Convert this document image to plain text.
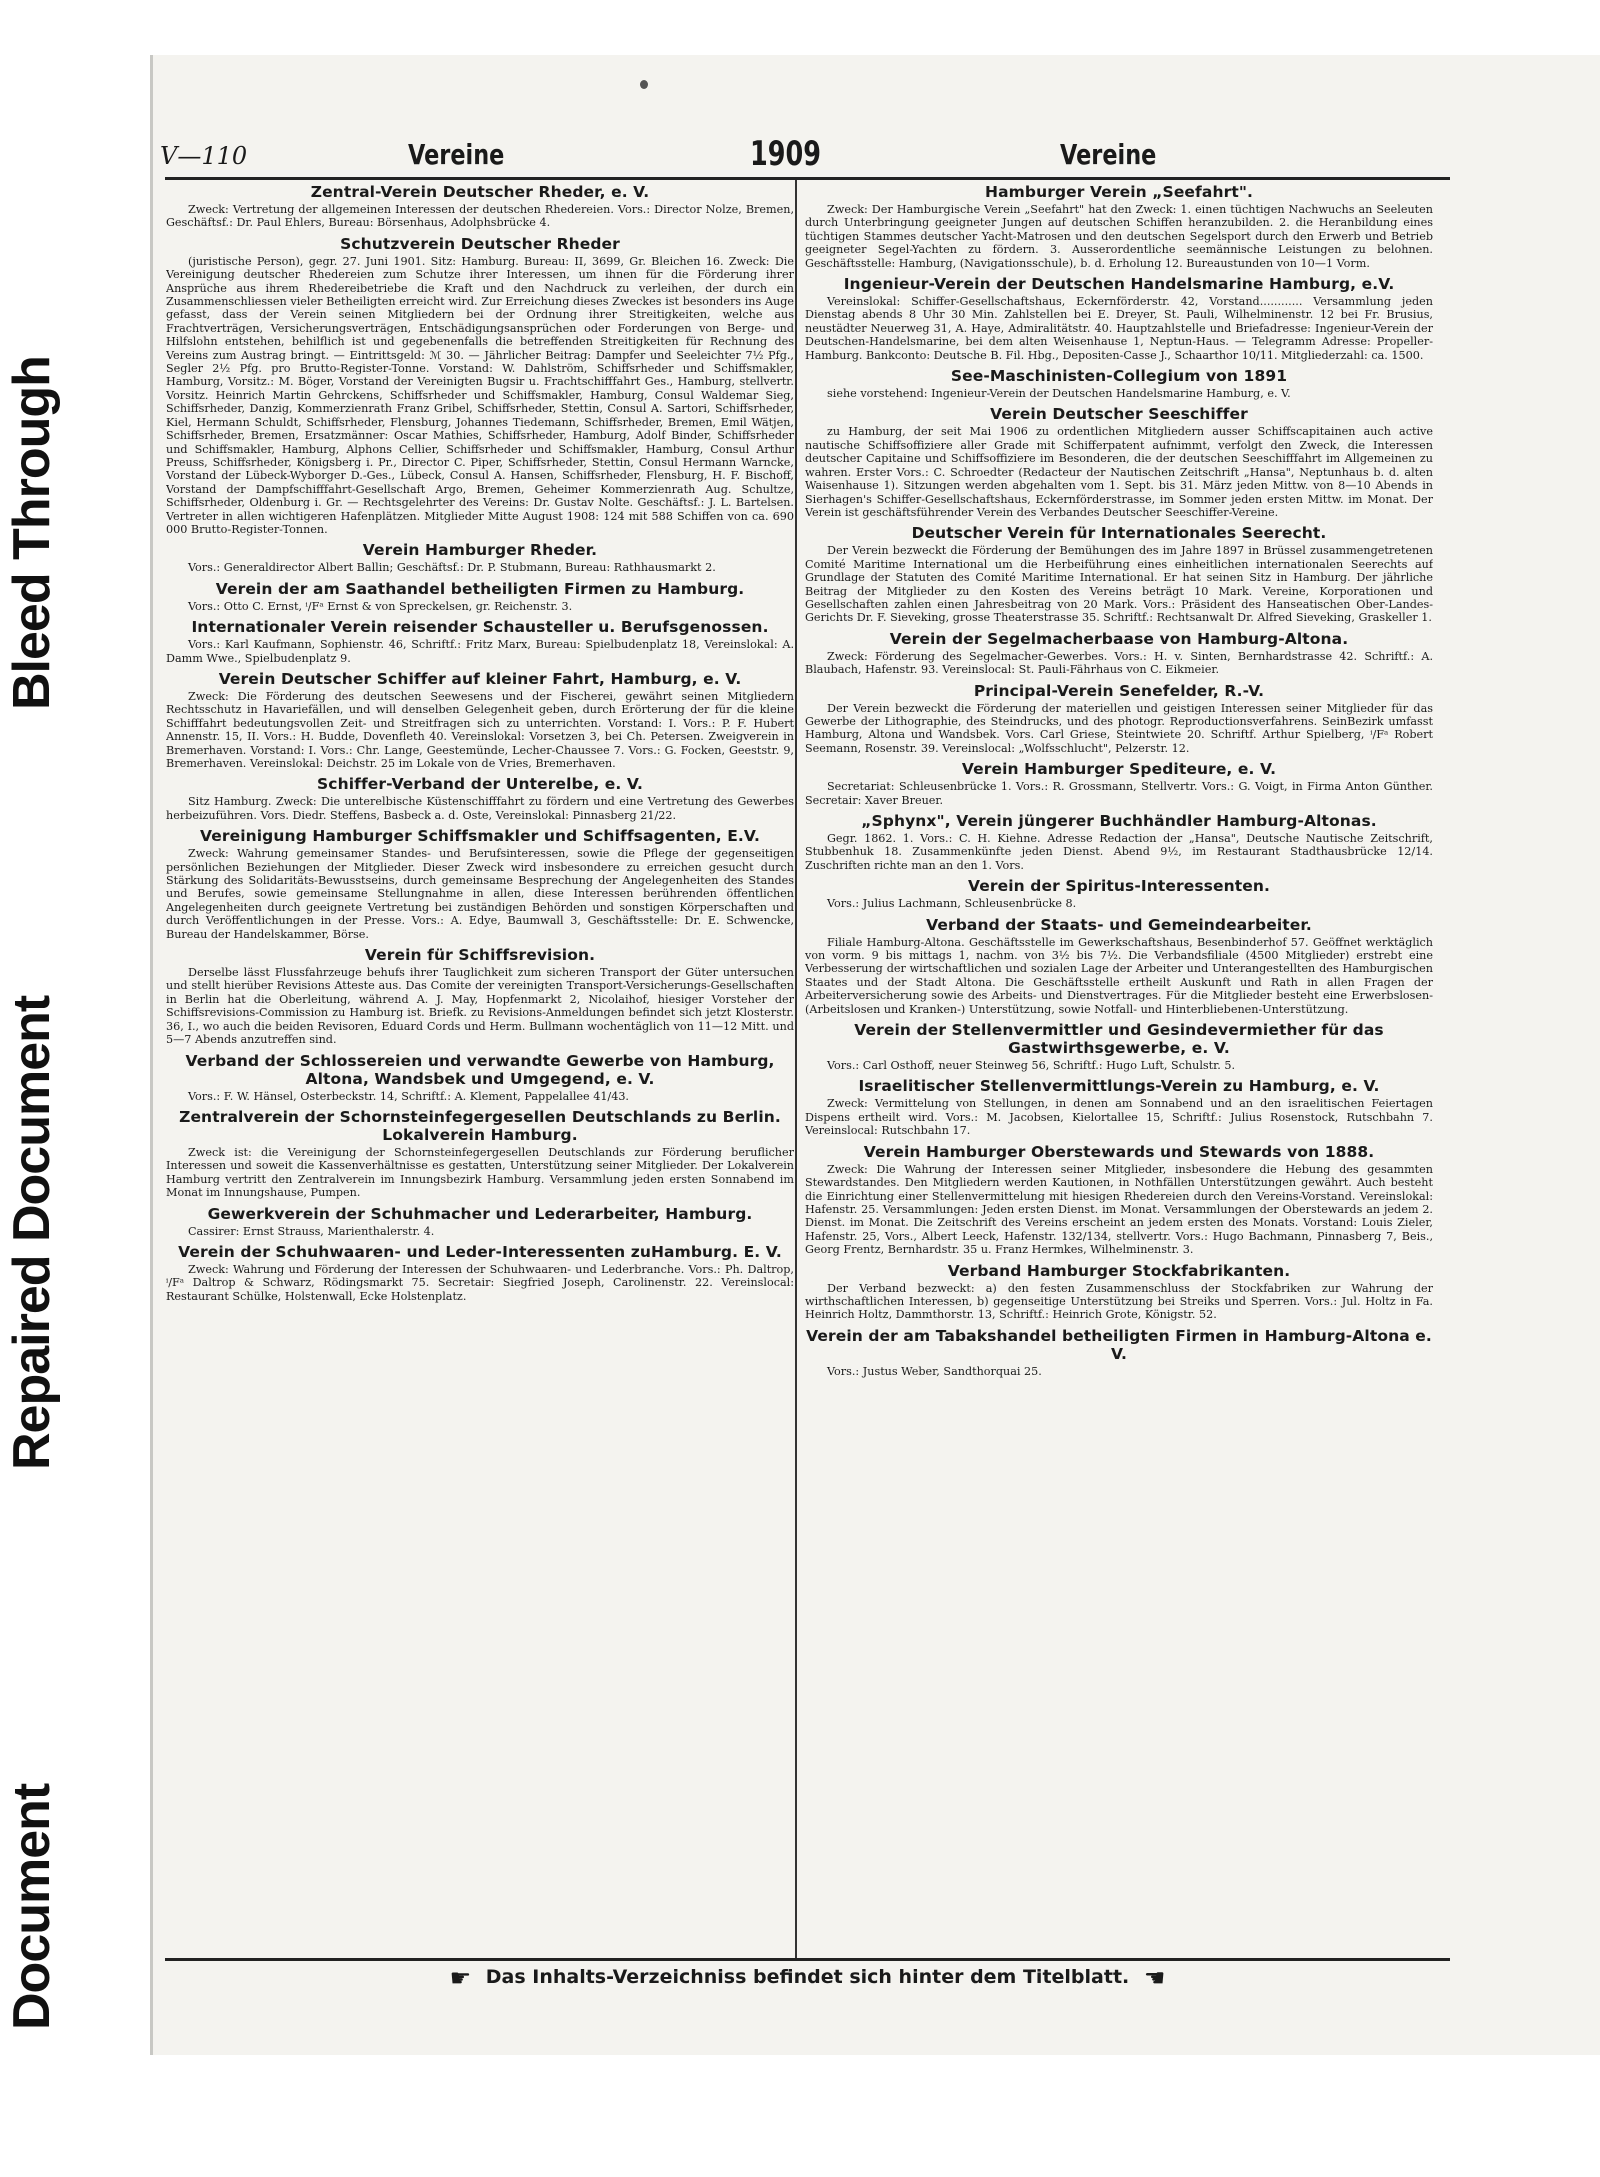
Bleed Through
Repaired Document
Document
V—110	Vereine	1909	Vereine
Zentral-Verein Deutscher Rheder, e. V.

Zweck: Vertretung der allgemeinen Interessen der deutschen Rhedereien. Vors.: Director Nolze, Bremen, Geschäftsf.: Dr. Paul Ehlers, Bureau: Börsenhaus, Adolphsbrücke 4.

Schutzverein Deutscher Rheder

(juristische Person), gegr. 27. Juni 1901. Sitz: Hamburg. Bureau: II, 3699, Gr. Bleichen 16. Zweck: Die Vereinigung deutscher Rhedereien zum Schutze ihrer Interessen, um ihnen für die Förderung ihrer Ansprüche aus ihrem Rhedereibetriebe die Kraft und den Nachdruck zu verleihen, der durch ein Zusammenschliessen vieler Betheiligten erreicht wird. Zur Erreichung dieses Zweckes ist besonders ins Auge gefasst, dass der Verein seinen Mitgliedern bei der Ordnung ihrer Streitigkeiten, welche aus Frachtverträgen, Versicherungsverträgen, Entschädigungsansprüchen oder Forderungen von Berge- und Hilfslohn entstehen, behilflich ist und gegebenenfalls die betreffenden Streitigkeiten für Rechnung des Vereins zum Austrag bringt. — Eintrittsgeld: ℳ 30. — Jährlicher Beitrag: Dampfer und Seeleichter 7½ Pfg., Segler 2½ Pfg. pro Brutto-Register-Tonne. Vorstand: W. Dahlström, Schiffsrheder und Schiffsmakler, Hamburg, Vorsitz.: M. Böger, Vorstand der Vereinigten Bugsir u. Frachtschifffahrt Ges., Hamburg, stellvertr. Vorsitz. Heinrich Martin Gehrckens, Schiffsrheder und Schiffsmakler, Hamburg, Consul Waldemar Sieg, Schiffsrheder, Danzig, Kommerzienrath Franz Gribel, Schiffsrheder, Stettin, Consul A. Sartori, Schiffsrheder, Kiel, Hermann Schuldt, Schiffsrheder, Flensburg, Johannes Tiedemann, Schiffsrheder, Bremen, Emil Wätjen, Schiffsrheder, Bremen, Ersatzmänner: Oscar Mathies, Schiffsrheder, Hamburg, Adolf Binder, Schiffsrheder und Schiffsmakler, Hamburg, Alphons Cellier, Schiffsrheder und Schiffsmakler, Hamburg, Consul Arthur Preuss, Schiffsrheder, Königsberg i. Pr., Director C. Piper, Schiffsrheder, Stettin, Consul Hermann Warncke, Vorstand der Lübeck-Wyborger D.-Ges., Lübeck, Consul A. Hansen, Schiffsrheder, Flensburg, H. F. Bischoff, Vorstand der Dampfschifffahrt-Gesellschaft Argo, Bremen, Geheimer Kommerzienrath Aug. Schultze, Schiffsrheder, Oldenburg i. Gr. — Rechtsgelehrter des Vereins: Dr. Gustav Nolte. Geschäftsf.: J. L. Bartelsen. Vertreter in allen wichtigeren Hafenplätzen. Mitglieder Mitte August 1908: 124 mit 588 Schiffen von ca. 690 000 Brutto-Register-Tonnen.

Verein Hamburger Rheder.

Vors.: Generaldirector Albert Ballin; Geschäftsf.: Dr. P. Stubmann, Bureau: Rathhausmarkt 2.

Verein der am Saathandel betheiligten Firmen zu Hamburg.

Vors.: Otto C. Ernst, ⁱ/Fᵃ Ernst & von Spreckelsen, gr. Reichenstr. 3.

Internationaler Verein reisender Schausteller u. Berufsgenossen.

Vors.: Karl Kaufmann, Sophienstr. 46, Schriftf.: Fritz Marx, Bureau: Spielbudenplatz 18, Vereinslokal: A. Damm Wwe., Spielbudenplatz 9.

Verein Deutscher Schiffer auf kleiner Fahrt, Hamburg, e. V.

Zweck: Die Förderung des deutschen Seewesens und der Fischerei, gewährt seinen Mitgliedern Rechtsschutz in Havariefällen, und will denselben Gelegenheit geben, durch Erörterung der für die kleine Schifffahrt bedeutungsvollen Zeit- und Streitfragen sich zu unterrichten. Vorstand: I. Vors.: P. F. Hubert Annenstr. 15, II. Vors.: H. Budde, Dovenfleth 40. Vereinslokal: Vorsetzen 3, bei Ch. Petersen. Zweigverein in Bremerhaven. Vorstand: I. Vors.: Chr. Lange, Geestemünde, Lecher-Chaussee 7. Vors.: G. Focken, Geeststr. 9, Bremerhaven. Vereinslokal: Deichstr. 25 im Lokale von de Vries, Bremerhaven.

Schiffer-Verband der Unterelbe, e. V.

Sitz Hamburg. Zweck: Die unterelbische Küstenschifffahrt zu fördern und eine Vertretung des Gewerbes herbeizuführen. Vors. Diedr. Steffens, Basbeck a. d. Oste, Vereinslokal: Pinnasberg 21/22.

Vereinigung Hamburger Schiffsmakler und Schiffsagenten, E.V.

Zweck: Wahrung gemeinsamer Standes- und Berufsinteressen, sowie die Pflege der gegenseitigen persönlichen Beziehungen der Mitglieder. Dieser Zweck wird insbesondere zu erreichen gesucht durch Stärkung des Solidaritäts-Bewusstseins, durch gemeinsame Besprechung der Angelegenheiten des Standes und Berufes, sowie gemeinsame Stellungnahme in allen, diese Interessen berührenden öffentlichen Angelegenheiten durch geeignete Vertretung bei zuständigen Behörden und sonstigen Körperschaften und durch Veröffentlichungen in der Presse. Vors.: A. Edye, Baumwall 3, Geschäftsstelle: Dr. E. Schwencke, Bureau der Handelskammer, Börse.

Verein für Schiffsrevision.

Derselbe lässt Flussfahrzeuge behufs ihrer Tauglichkeit zum sicheren Transport der Güter untersuchen und stellt hierüber Revisions Atteste aus. Das Comite der vereinigten Transport-Versicherungs-Gesellschaften in Berlin hat die Oberleitung, während A. J. May, Hopfenmarkt 2, Nicolaihof, hiesiger Vorsteher der Schiffsrevisions-Commission zu Hamburg ist. Briefk. zu Revisions-Anmeldungen befindet sich jetzt Klosterstr. 36, I., wo auch die beiden Revisoren, Eduard Cords und Herm. Bullmann wochentäglich von 11—12 Mitt. und 5—7 Abends anzutreffen sind.

Verband der Schlossereien und verwandte Gewerbe von Hamburg, Altona, Wandsbek und Umgegend, e. V.

Vors.: F. W. Hänsel, Osterbeckstr. 14, Schriftf.: A. Klement, Pappelallee 41/43.

Zentralverein der Schornsteinfegergesellen Deutschlands zu Berlin. Lokalverein Hamburg.

Zweck ist: die Vereinigung der Schornsteinfegergesellen Deutschlands zur Förderung beruflicher Interessen und soweit die Kassenverhältnisse es gestatten, Unterstützung seiner Mitglieder. Der Lokalverein Hamburg vertritt den Zentralverein im Innungsbezirk Hamburg. Versammlung jeden ersten Sonnabend im Monat im Innungshause, Pumpen.

Gewerkverein der Schuhmacher und Lederarbeiter, Hamburg.

Cassirer: Ernst Strauss, Marienthalerstr. 4.

Verein der Schuhwaaren- und Leder-Interessenten zuHamburg. E. V.

Zweck: Wahrung und Förderung der Interessen der Schuhwaaren- und Lederbranche. Vors.: Ph. Daltrop, ⁱ/Fᵃ Daltrop & Schwarz, Rödingsmarkt 75. Secretair: Siegfried Joseph, Carolinenstr. 22. Vereinslocal: Restaurant Schülke, Holstenwall, Ecke Holstenplatz.

Hamburger Verein „Seefahrt".

Zweck: Der Hamburgische Verein „Seefahrt" hat den Zweck: 1. einen tüchtigen Nachwuchs an Seeleuten durch Unterbringung geeigneter Jungen auf deutschen Schiffen heranzubilden. 2. die Heranbildung eines tüchtigen Stammes deutscher Yacht-Matrosen und den deutschen Segelsport durch den Erwerb und Betrieb geeigneter Segel-Yachten zu fördern. 3. Ausserordentliche seemännische Leistungen zu belohnen. Geschäftsstelle: Hamburg, (Navigationsschule), b. d. Erholung 12. Bureaustunden von 10—1 Vorm.

Ingenieur-Verein der Deutschen Handelsmarine Hamburg, e.V.

Vereinslokal: Schiffer-Gesellschaftshaus, Eckernförderstr. 42, Vorstand............ Versammlung jeden Dienstag abends 8 Uhr 30 Min. Zahlstellen bei E. Dreyer, St. Pauli, Wilhelminenstr. 12 bei Fr. Brusius, neustädter Neuerweg 31, A. Haye, Admiralitätstr. 40. Hauptzahlstelle und Briefadresse: Ingenieur-Verein der Deutschen-Handelsmarine, bei dem alten Weisenhause 1, Neptun-Haus. — Telegramm Adresse: Propeller-Hamburg. Bankconto: Deutsche B. Fil. Hbg., Depositen-Casse J., Schaarthor 10/11. Mitgliederzahl: ca. 1500.

See-Maschinisten-Collegium von 1891

siehe vorstehend: Ingenieur-Verein der Deutschen Handelsmarine Hamburg, e. V.

Verein Deutscher Seeschiffer

zu Hamburg, der seit Mai 1906 zu ordentlichen Mitgliedern ausser Schiffscapitainen auch active nautische Schiffsoffiziere aller Grade mit Schifferpatent aufnimmt, verfolgt den Zweck, die Interessen deutscher Capitaine und Schiffsoffiziere im Besonderen, die der deutschen Seeschifffahrt im Allgemeinen zu wahren. Erster Vors.: C. Schroedter (Redacteur der Nautischen Zeitschrift „Hansa", Neptunhaus b. d. alten Waisenhause 1). Sitzungen werden abgehalten vom 1. Sept. bis 31. März jeden Mittw. von 8—10 Abends in Sierhagen's Schiffer-Gesellschaftshaus, Eckernförderstrasse, im Sommer jeden ersten Mittw. im Monat. Der Verein ist geschäftsführender Verein des Verbandes Deutscher Seeschiffer-Vereine.

Deutscher Verein für Internationales Seerecht.

Der Verein bezweckt die Förderung der Bemühungen des im Jahre 1897 in Brüssel zusammengetretenen Comité Maritime International um die Herbeiführung eines einheitlichen internationalen Seerechts auf Grundlage der Statuten des Comité Maritime International. Er hat seinen Sitz in Hamburg. Der jährliche Beitrag der Mitglieder zu den Kosten des Vereins beträgt 10 Mark. Vereine, Korporationen und Gesellschaften zahlen einen Jahresbeitrag von 20 Mark. Vors.: Präsident des Hanseatischen Ober-Landes-Gerichts Dr. F. Sieveking, grosse Theaterstrasse 35. Schriftf.: Rechtsanwalt Dr. Alfred Sieveking, Graskeller 1.

Verein der Segelmacherbaase von Hamburg-Altona.

Zweck: Förderung des Segelmacher-Gewerbes. Vors.: H. v. Sinten, Bernhardstrasse 42. Schriftf.: A. Blaubach, Hafenstr. 93. Vereinslocal: St. Pauli-Fährhaus von C. Eikmeier.

Principal-Verein Senefelder, R.-V.

Der Verein bezweckt die Förderung der materiellen und geistigen Interessen seiner Mitglieder für das Gewerbe der Lithographie, des Steindrucks, und des photogr. Reproductionsverfahrens. SeinBezirk umfasst Hamburg, Altona und Wandsbek. Vors. Carl Griese, Steintwiete 20. Schriftf. Arthur Spielberg, ⁱ/Fᵃ Robert Seemann, Rosenstr. 39. Vereinslocal: „Wolfsschlucht", Pelzerstr. 12.

Verein Hamburger Spediteure, e. V.

Secretariat: Schleusenbrücke 1. Vors.: R. Grossmann, Stellvertr. Vors.: G. Voigt, in Firma Anton Günther. Secretair: Xaver Breuer.

„Sphynx", Verein jüngerer Buchhändler Hamburg-Altonas.

Gegr. 1862. 1. Vors.: C. H. Kiehne. Adresse Redaction der „Hansa", Deutsche Nautische Zeitschrift, Stubbenhuk 18. Zusammenkünfte jeden Dienst. Abend 9½, im Restaurant Stadthausbrücke 12/14. Zuschriften richte man an den 1. Vors.

Verein der Spiritus-Interessenten.

Vors.: Julius Lachmann, Schleusenbrücke 8.

Verband der Staats- und Gemeindearbeiter.

Filiale Hamburg-Altona. Geschäftsstelle im Gewerkschaftshaus, Besenbinderhof 57. Geöffnet werktäglich von vorm. 9 bis mittags 1, nachm. von 3½ bis 7½. Die Verbandsfiliale (4500 Mitglieder) erstrebt eine Verbesserung der wirtschaftlichen und sozialen Lage der Arbeiter und Unterangestellten des Hamburgischen Staates und der Stadt Altona. Die Geschäftsstelle ertheilt Auskunft und Rath in allen Fragen der Arbeiterversicherung sowie des Arbeits- und Dienstvertrages. Für die Mitglieder besteht eine Erwerbslosen- (Arbeitslosen und Kranken-) Unterstützung, sowie Notfall- und Hinterbliebenen-Unterstützung.

Verein der Stellenvermittler und Gesindevermiether für das Gastwirthsgewerbe, e. V.

Vors.: Carl Osthoff, neuer Steinweg 56, Schriftf.: Hugo Luft, Schulstr. 5.

Israelitischer Stellenvermittlungs-Verein zu Hamburg, e. V.

Zweck: Vermittelung von Stellungen, in denen am Sonnabend und an den israelitischen Feiertagen Dispens ertheilt wird. Vors.: M. Jacobsen, Kielortallee 15, Schriftf.: Julius Rosenstock, Rutschbahn 7. Vereinslocal: Rutschbahn 17.

Verein Hamburger Oberstewards und Stewards von 1888.

Zweck: Die Wahrung der Interessen seiner Mitglieder, insbesondere die Hebung des gesammten Stewardstandes. Den Mitgliedern werden Kautionen, in Nothfällen Unterstützungen gewährt. Auch besteht die Einrichtung einer Stellenvermittelung mit hiesigen Rhedereien durch den Vereins-Vorstand. Vereinslokal: Hafenstr. 25. Versammlungen: Jeden ersten Dienst. im Monat. Versammlungen der Oberstewards an jedem 2. Dienst. im Monat. Die Zeitschrift des Vereins erscheint an jedem ersten des Monats. Vorstand: Louis Zieler, Hafenstr. 25, Vors., Albert Leeck, Hafenstr. 132/134, stellvertr. Vors.: Hugo Bachmann, Pinnasberg 7, Beis., Georg Frentz, Bernhardstr. 35 u. Franz Hermkes, Wilhelminenstr. 3.

Verband Hamburger Stockfabrikanten.

Der Verband bezweckt: a) den festen Zusammenschluss der Stockfabriken zur Wahrung der wirthschaftlichen Interessen, b) gegenseitige Unterstützung bei Streiks und Sperren. Vors.: Jul. Holtz in Fa. Heinrich Holtz, Dammthorstr. 13, Schriftf.: Heinrich Grote, Königstr. 52.

Verein der am Tabakshandel betheiligten Firmen in Hamburg-Altona e. V.

Vors.: Justus Weber, Sandthorquai 25.

☛ Das Inhalts-Verzeichniss befindet sich hinter dem Titelblatt. ☚
